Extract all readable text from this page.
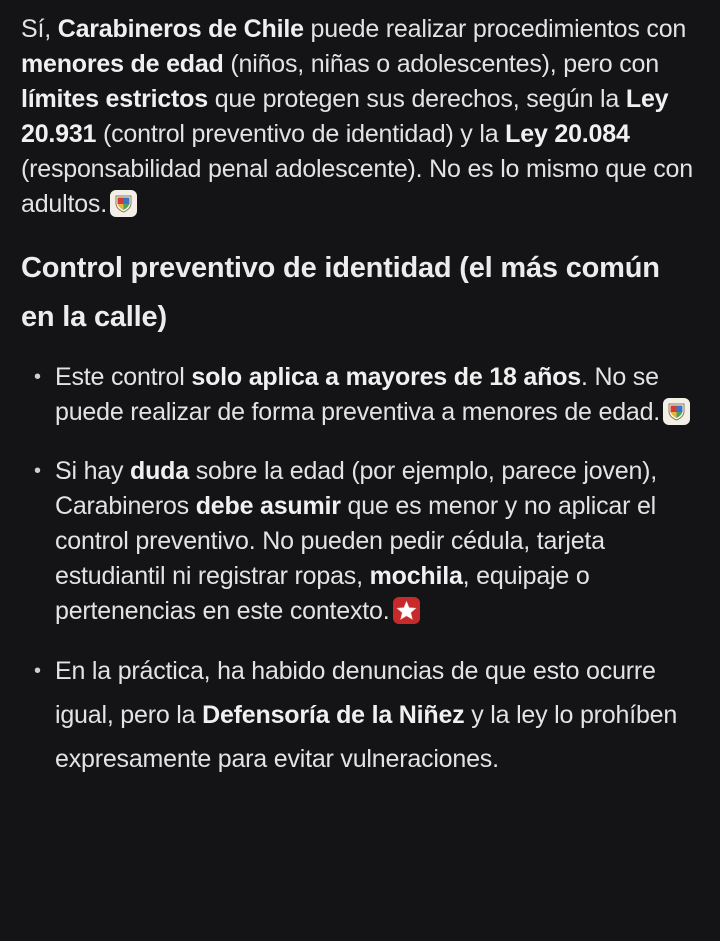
Sí, Carabineros de Chile puede realizar procedimientos con menores de edad (niños, niñas o adolescentes), pero con límites estrictos que protegen sus derechos, según la Ley 20.931 (control preventivo de identidad) y la Ley 20.084 (responsabilidad penal adolescente). No es lo mismo que con adultos.

Control preventivo de identidad (el más común en la calle)
• Este control solo aplica a mayores de 18 años. No se puede realizar de forma preventiva a menores de edad.
• Si hay duda sobre la edad (por ejemplo, parece joven), Carabineros debe asumir que es menor y no aplicar el control preventivo. No pueden pedir cédula, tarjeta estudiantil ni registrar ropas, mochila, equipaje o pertenencias en este contexto.
• En la práctica, ha habido denuncias de que esto ocurre igual, pero la Defensoría de la Niñez y la ley lo prohíben expresamente para evitar vulneraciones.
